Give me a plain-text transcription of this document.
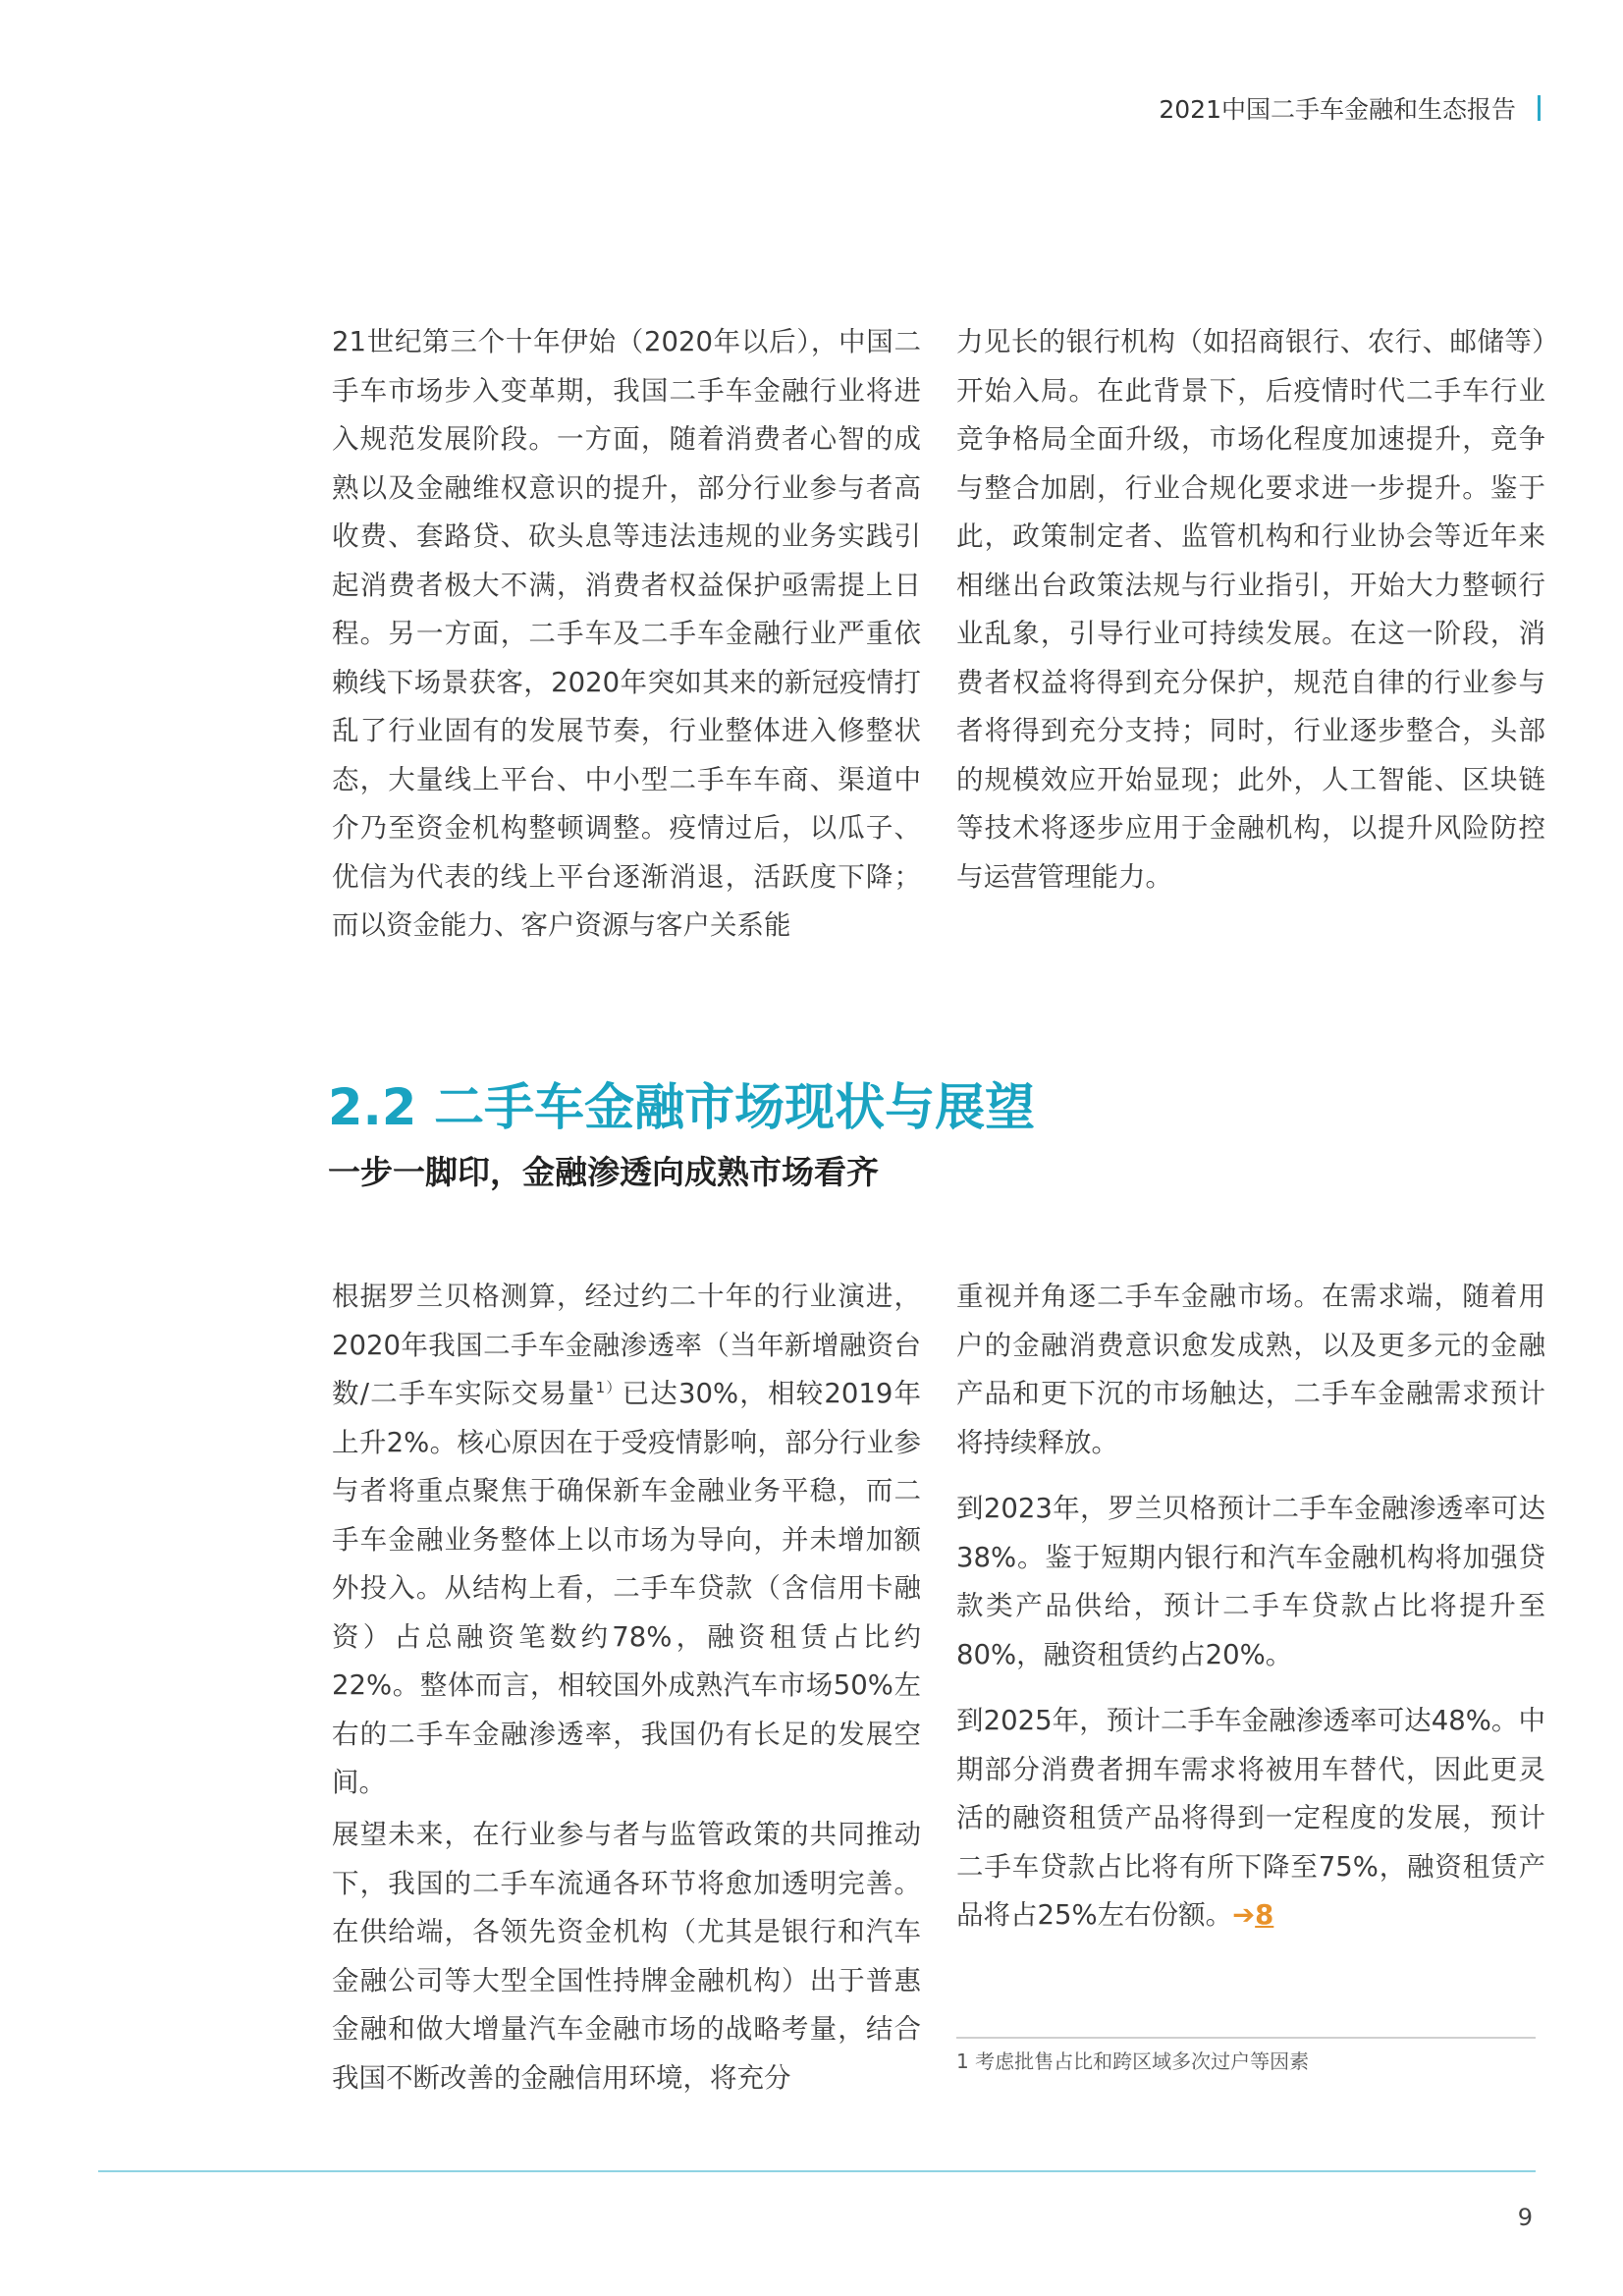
2021中国二手车金融和生态报告

21世纪第三个十年伊始（2020年以后），中国二手车市场步入变革期，我国二手车金融行业将进入规范发展阶段。一方面，随着消费者心智的成熟以及金融维权意识的提升，部分行业参与者高收费、套路贷、砍头息等违法违规的业务实践引起消费者极大不满，消费者权益保护亟需提上日程。另一方面，二手车及二手车金融行业严重依赖线下场景获客，2020年突如其来的新冠疫情打乱了行业固有的发展节奏，行业整体进入修整状态，大量线上平台、中小型二手车车商、渠道中介乃至资金机构整顿调整。疫情过后，以瓜子、优信为代表的线上平台逐渐消退，活跃度下降；而以资金能力、客户资源与客户关系能

力见长的银行机构（如招商银行、农行、邮储等）开始入局。在此背景下，后疫情时代二手车行业竞争格局全面升级，市场化程度加速提升，竞争与整合加剧，行业合规化要求进一步提升。鉴于此，政策制定者、监管机构和行业协会等近年来相继出台政策法规与行业指引，开始大力整顿行业乱象，引导行业可持续发展。在这一阶段，消费者权益将得到充分保护，规范自律的行业参与者将得到充分支持；同时，行业逐步整合，头部的规模效应开始显现；此外，人工智能、区块链等技术将逐步应用于金融机构，以提升风险防控与运营管理能力。

2.2 二手车金融市场现状与展望
一步一脚印，金融渗透向成熟市场看齐

根据罗兰贝格测算，经过约二十年的行业演进，2020年我国二手车金融渗透率（当年新增融资台数/二手车实际交易量$^{1)}$已达30%，相较2019年上升2%。核心原因在于受疫情影响，部分行业参与者将重点聚焦于确保新车金融业务平稳，而二手车金融业务整体上以市场为导向，并未增加额外投入。从结构上看，二手车贷款（含信用卡融资）占总融资笔数约78%，融资租赁占比约22%。整体而言，相较国外成熟汽车市场50%左右的二手车金融渗透率，我国仍有长足的发展空间。

展望未来，在行业参与者与监管政策的共同推动下，我国的二手车流通各环节将愈加透明完善。在供给端，各领先资金机构（尤其是银行和汽车金融公司等大型全国性持牌金融机构）出于普惠金融和做大增量汽车金融市场的战略考量，结合我国不断改善的金融信用环境，将充分

重视并角逐二手车金融市场。在需求端，随着用户的金融消费意识愈发成熟，以及更多元的金融产品和更下沉的市场触达，二手车金融需求预计将持续释放。

到2023年，罗兰贝格预计二手车金融渗透率可达38%。鉴于短期内银行和汽车金融机构将加强贷款类产品供给，预计二手车贷款占比将提升至80%，融资租赁约占20%。

到2025年，预计二手车金融渗透率可达48%。中期部分消费者拥车需求将被用车替代，因此更灵活的融资租赁产品将得到一定程度的发展，预计二手车贷款占比将有所下降至75%，融资租赁产品将占25%左右份额。➔8

1 考虑批售占比和跨区域多次过户等因素

9
